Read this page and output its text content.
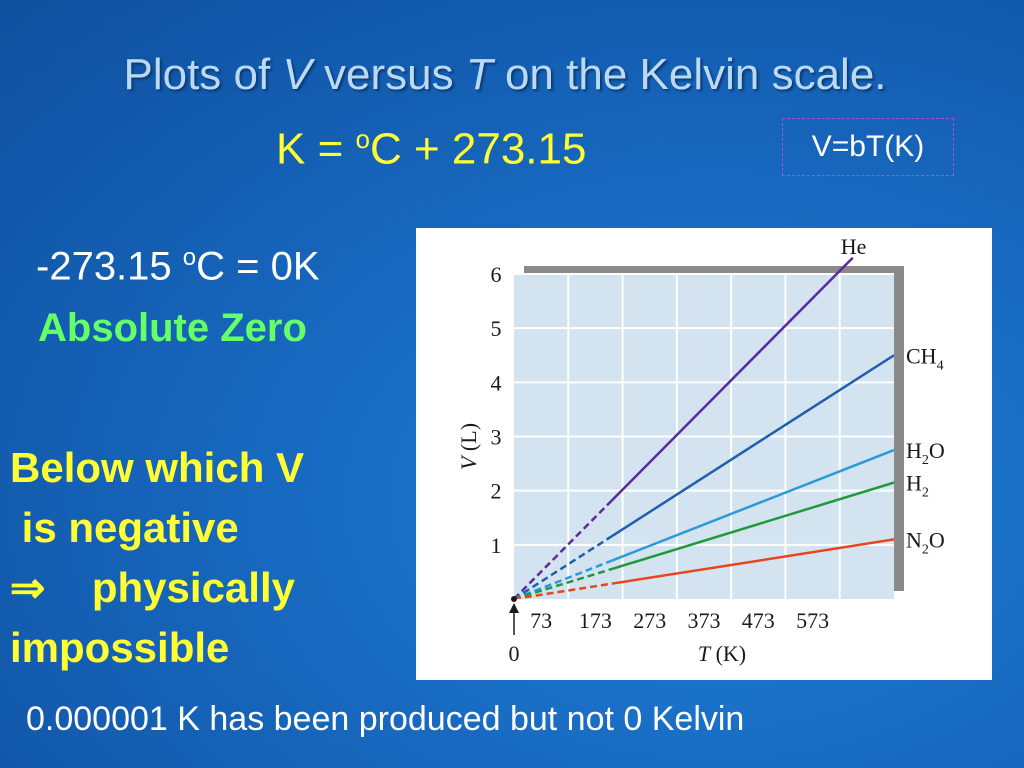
Plots of V versus T on the Kelvin scale.
K = $^o$C + 273.15	V=bT(K)
-273.15 $^o$C = 0K
Absolute Zero
Below which V
is negative
⇒    physically
impossible
0.000001 K has been produced but not 0 Kelvin
He
$CH_4$
$H_2O$
$H_2$
$N_2O$
1
2
3
4
5
6
73 173 273 373 473 573
0	T (K)
V (L)
